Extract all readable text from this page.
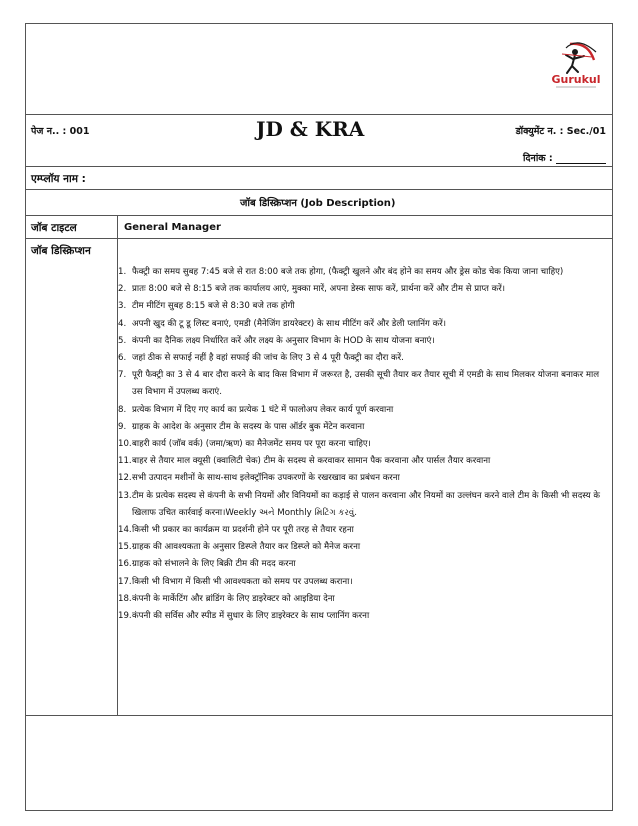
Gurukul
पेज न.. : 001	JD & KRA	डॉक्युमेंट न. : Sec./01
दिनांक :
एम्प्लॉय नाम :
जॉब डिस्क्रिप्शन (Job Description)
जॉब टाइटल	General Manager
जॉब डिस्क्रिप्शन
1. फैक्ट्री का समय सुबह 7:45 बजे से रात 8:00 बजे तक होगा, (फैक्ट्री खुलने और बंद होने का समय और ड्रेस कोड चेक किया जाना चाहिए)
2. प्रातः 8:00 बजे से 8:15 बजे तक कार्यालय आएं, मुक्का मारें, अपना डेस्क साफ करें, प्रार्थना करें और टीम से प्राप्त करें।
3. टीम मीटिंग सुबह 8:15 बजे से 8:30 बजे तक होगी
4. अपनी खुद की टू डू लिस्ट बनाएं, एमडी (मैनेजिंग डायरेक्टर) के साथ मीटिंग करें और डेली प्लानिंग करें।
5. कंपनी का दैनिक लक्ष्य निर्धारित करें और लक्ष्य के अनुसार विभाग के HOD के साथ योजना बनाएं।
6. जहां ठीक से सफाई नहीं है वहां सफाई की जांच के लिए 3 से 4 पूरी फैक्ट्री का दौरा करें.
7. पूरी फैक्ट्री का 3 से 4 बार दौरा करने के बाद किस विभाग में जरूरत है, उसकी सूची तैयार कर तैयार सूची में एमडी के साथ मिलकर योजना बनाकर माल उस विभाग में उपलब्ध कराएं.
8. प्रत्येक विभाग में दिए गए कार्य का प्रत्येक 1 घंटे में फालोअप लेकर कार्य पूर्ण करवाना
9. ग्राहक के आदेश के अनुसार टीम के सदस्य के पास ऑर्डर बुक मेंटेन करवाना
10. बाहरी कार्य (जॉब वर्क) (जमा/ऋण) का मैनेजमेंट समय पर पूरा करना चाहिए।
11. बाहर से तैयार माल क्यूसी (क्वालिटी चेक) टीम के सदस्य से करवाकर सामान पैक करवाना और पार्सल तैयार करवाना
12. सभी उत्पादन मशीनों के साथ-साथ इलेक्ट्रॉनिक उपकरणों के रखरखाव का प्रबंधन करना
13. टीम के प्रत्येक सदस्य से कंपनी के सभी नियमों और विनियमों का कड़ाई से पालन करवाना और नियमों का उल्लंघन करने वाले टीम के किसी भी सदस्य के खिलाफ उचित कार्रवाई करना।Weekly અને Monthly મિટિંગ કરવું.
14. किसी भी प्रकार का कार्यक्रम या प्रदर्शनी होने पर पूरी तरह से तैयार रहना
15. ग्राहक की आवश्यकता के अनुसार डिस्प्ले तैयार कर डिस्प्ले को मैनेज करना
16. ग्राहक को संभालने के लिए बिक्री टीम की मदद करना
17. किसी भी विभाग में किसी भी आवश्यकता को समय पर उपलब्ध कराना।
18. कंपनी के मार्केटिंग और ब्रांडिंग के लिए डाइरेक्टर को आइडिया देना
19. कंपनी की सर्विस और स्पीड में सुधार के लिए डाइरेक्टर के साथ प्लानिंग करना
